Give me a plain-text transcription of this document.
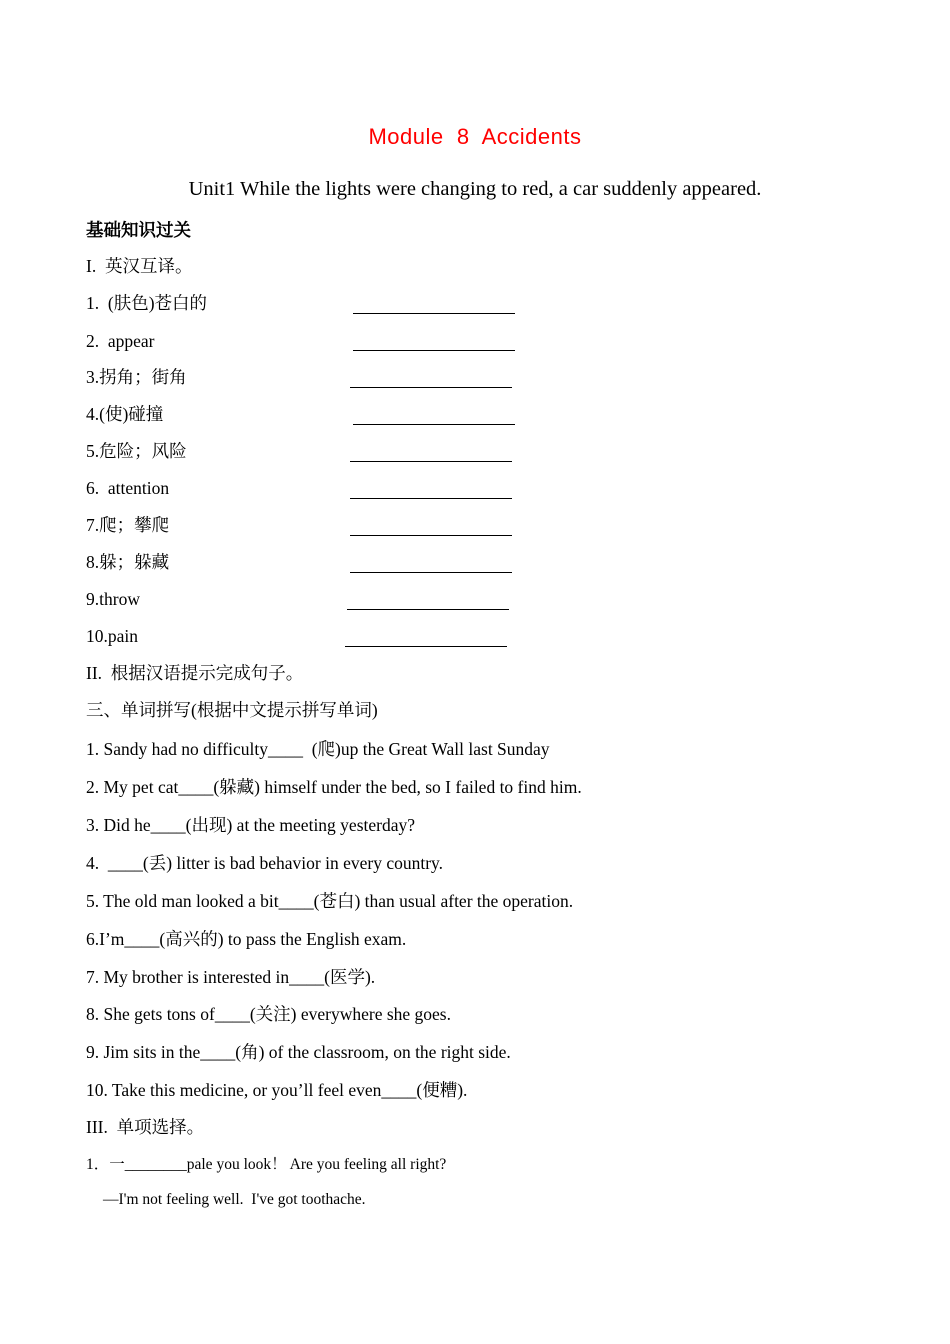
Module  8  Accidents
Unit1 While the lights were changing to red, a car suddenly appeared.
基础知识过关
I.  英汉互译。
1.  (肤色)苍白的
2.  appear
3.拐角；街角
4.(使)碰撞
5.危险；风险
6.  attention
7.爬；攀爬
8.躲；躲藏
9.throw
10.pain
II.  根据汉语提示完成句子。
三、单词拼写(根据中文提示拼写单词)
1. Sandy had no difficulty____  (爬)up the Great Wall last Sunday
2. My pet cat____(躲藏) himself under the bed, so I failed to find him.
3. Did he____(出现) at the meeting yesterday?
4.  ____(丢) litter is bad behavior in every country.
5. The old man looked a bit____(苍白) than usual after the operation.
6.I’m____(高兴的) to pass the English exam.
7. My brother is interested in____(医学).
8. She gets tons of____(关注) everywhere she goes.
9. Jim sits in the____(角) of the classroom, on the right side.
10. Take this medicine, or you’ll feel even____(便糟).
III.  单项选择。
1．一________pale you look！ Are you feeling all right?
—I'm not feeling well.  I've got toothache.
